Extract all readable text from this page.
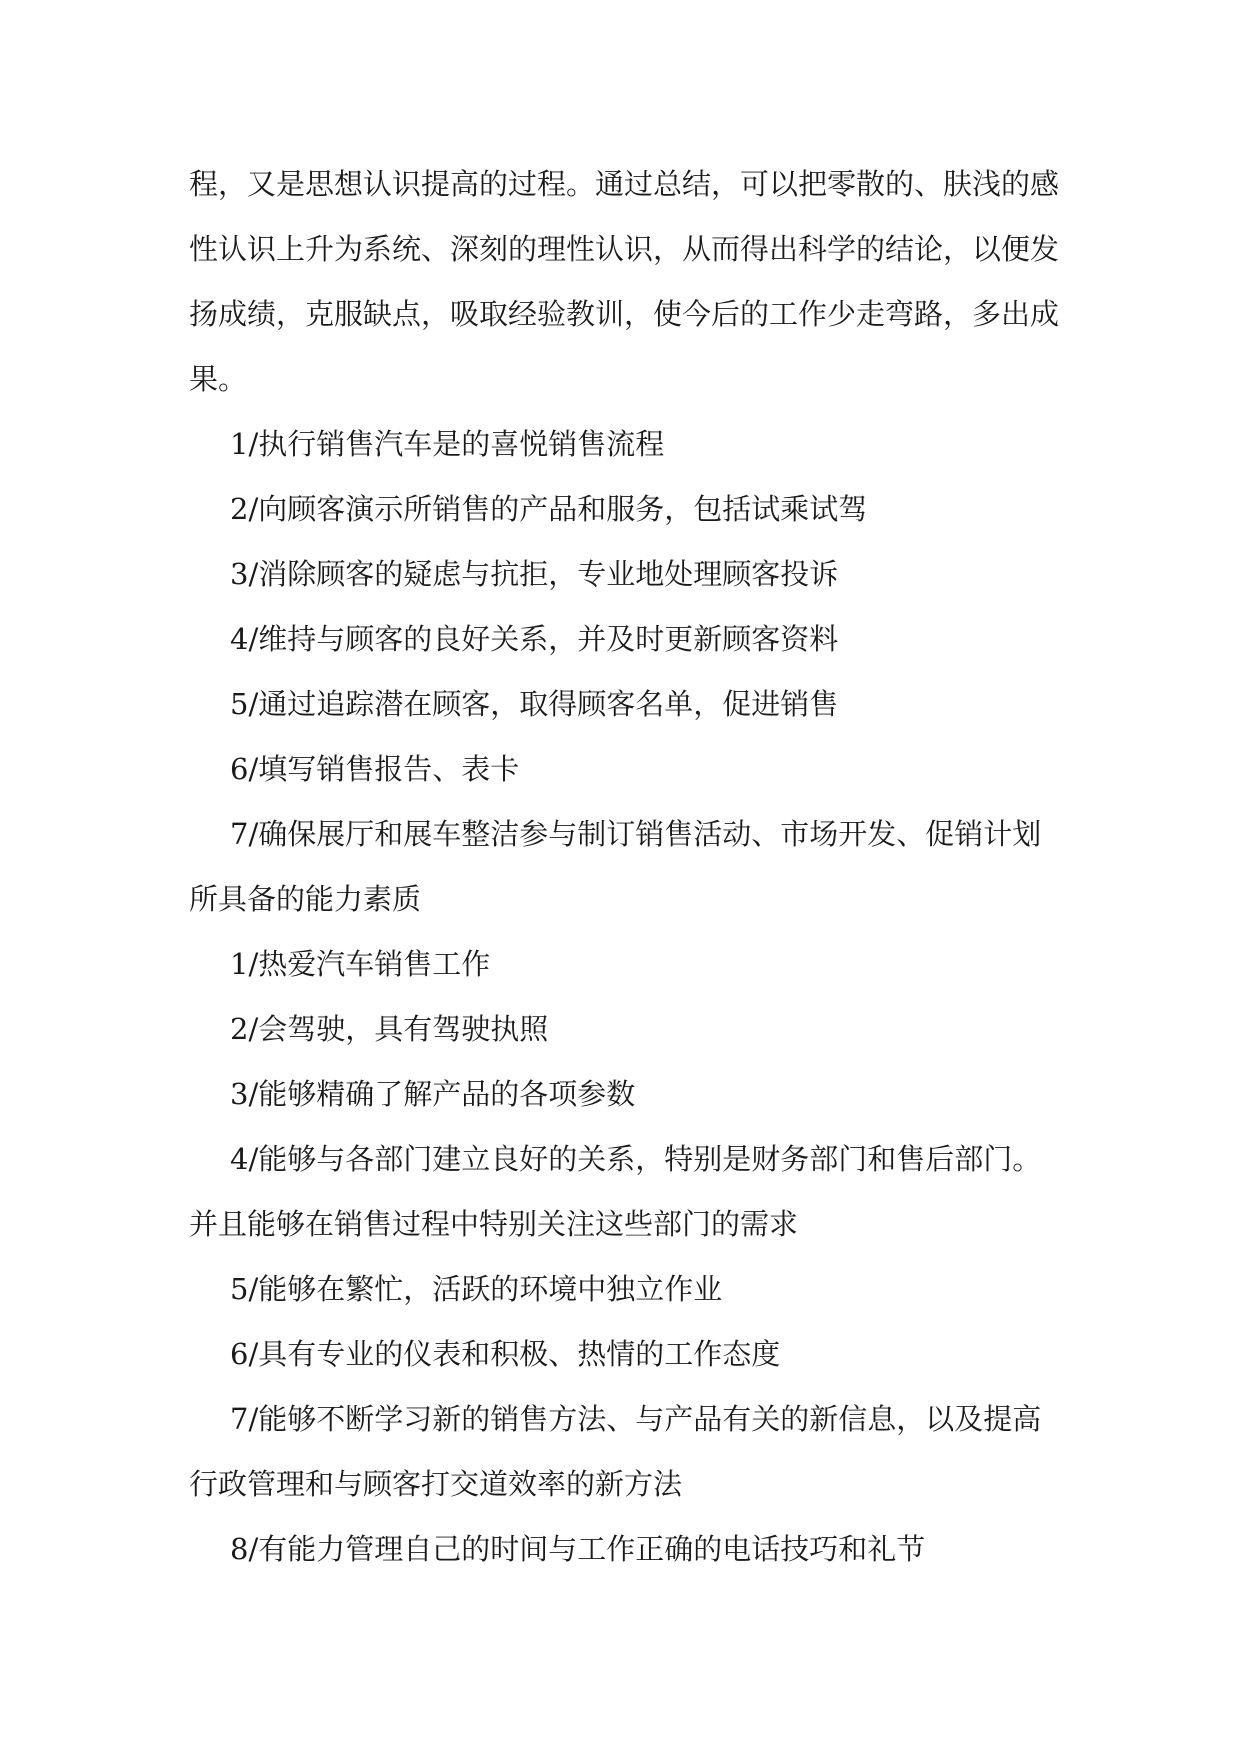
程，又是思想认识提高的过程。通过总结，可以把零散的、肤浅的感

性认识上升为系统、深刻的理性认识，从而得出科学的结论，以便发

扬成绩，克服缺点，吸取经验教训，使今后的工作少走弯路，多出成

果。

1/执行销售汽车是的喜悦销售流程

2/向顾客演示所销售的产品和服务，包括试乘试驾

3/消除顾客的疑虑与抗拒，专业地处理顾客投诉

4/维持与顾客的良好关系，并及时更新顾客资料

5/通过追踪潜在顾客，取得顾客名单，促进销售

6/填写销售报告、表卡

7/确保展厅和展车整洁参与制订销售活动、市场开发、促销计划

所具备的能力素质

1/热爱汽车销售工作

2/会驾驶，具有驾驶执照

3/能够精确了解产品的各项参数

4/能够与各部门建立良好的关系，特别是财务部门和售后部门。

并且能够在销售过程中特别关注这些部门的需求

5/能够在繁忙，活跃的环境中独立作业

6/具有专业的仪表和积极、热情的工作态度

7/能够不断学习新的销售方法、与产品有关的新信息，以及提高

行政管理和与顾客打交道效率的新方法

8/有能力管理自己的时间与工作正确的电话技巧和礼节
